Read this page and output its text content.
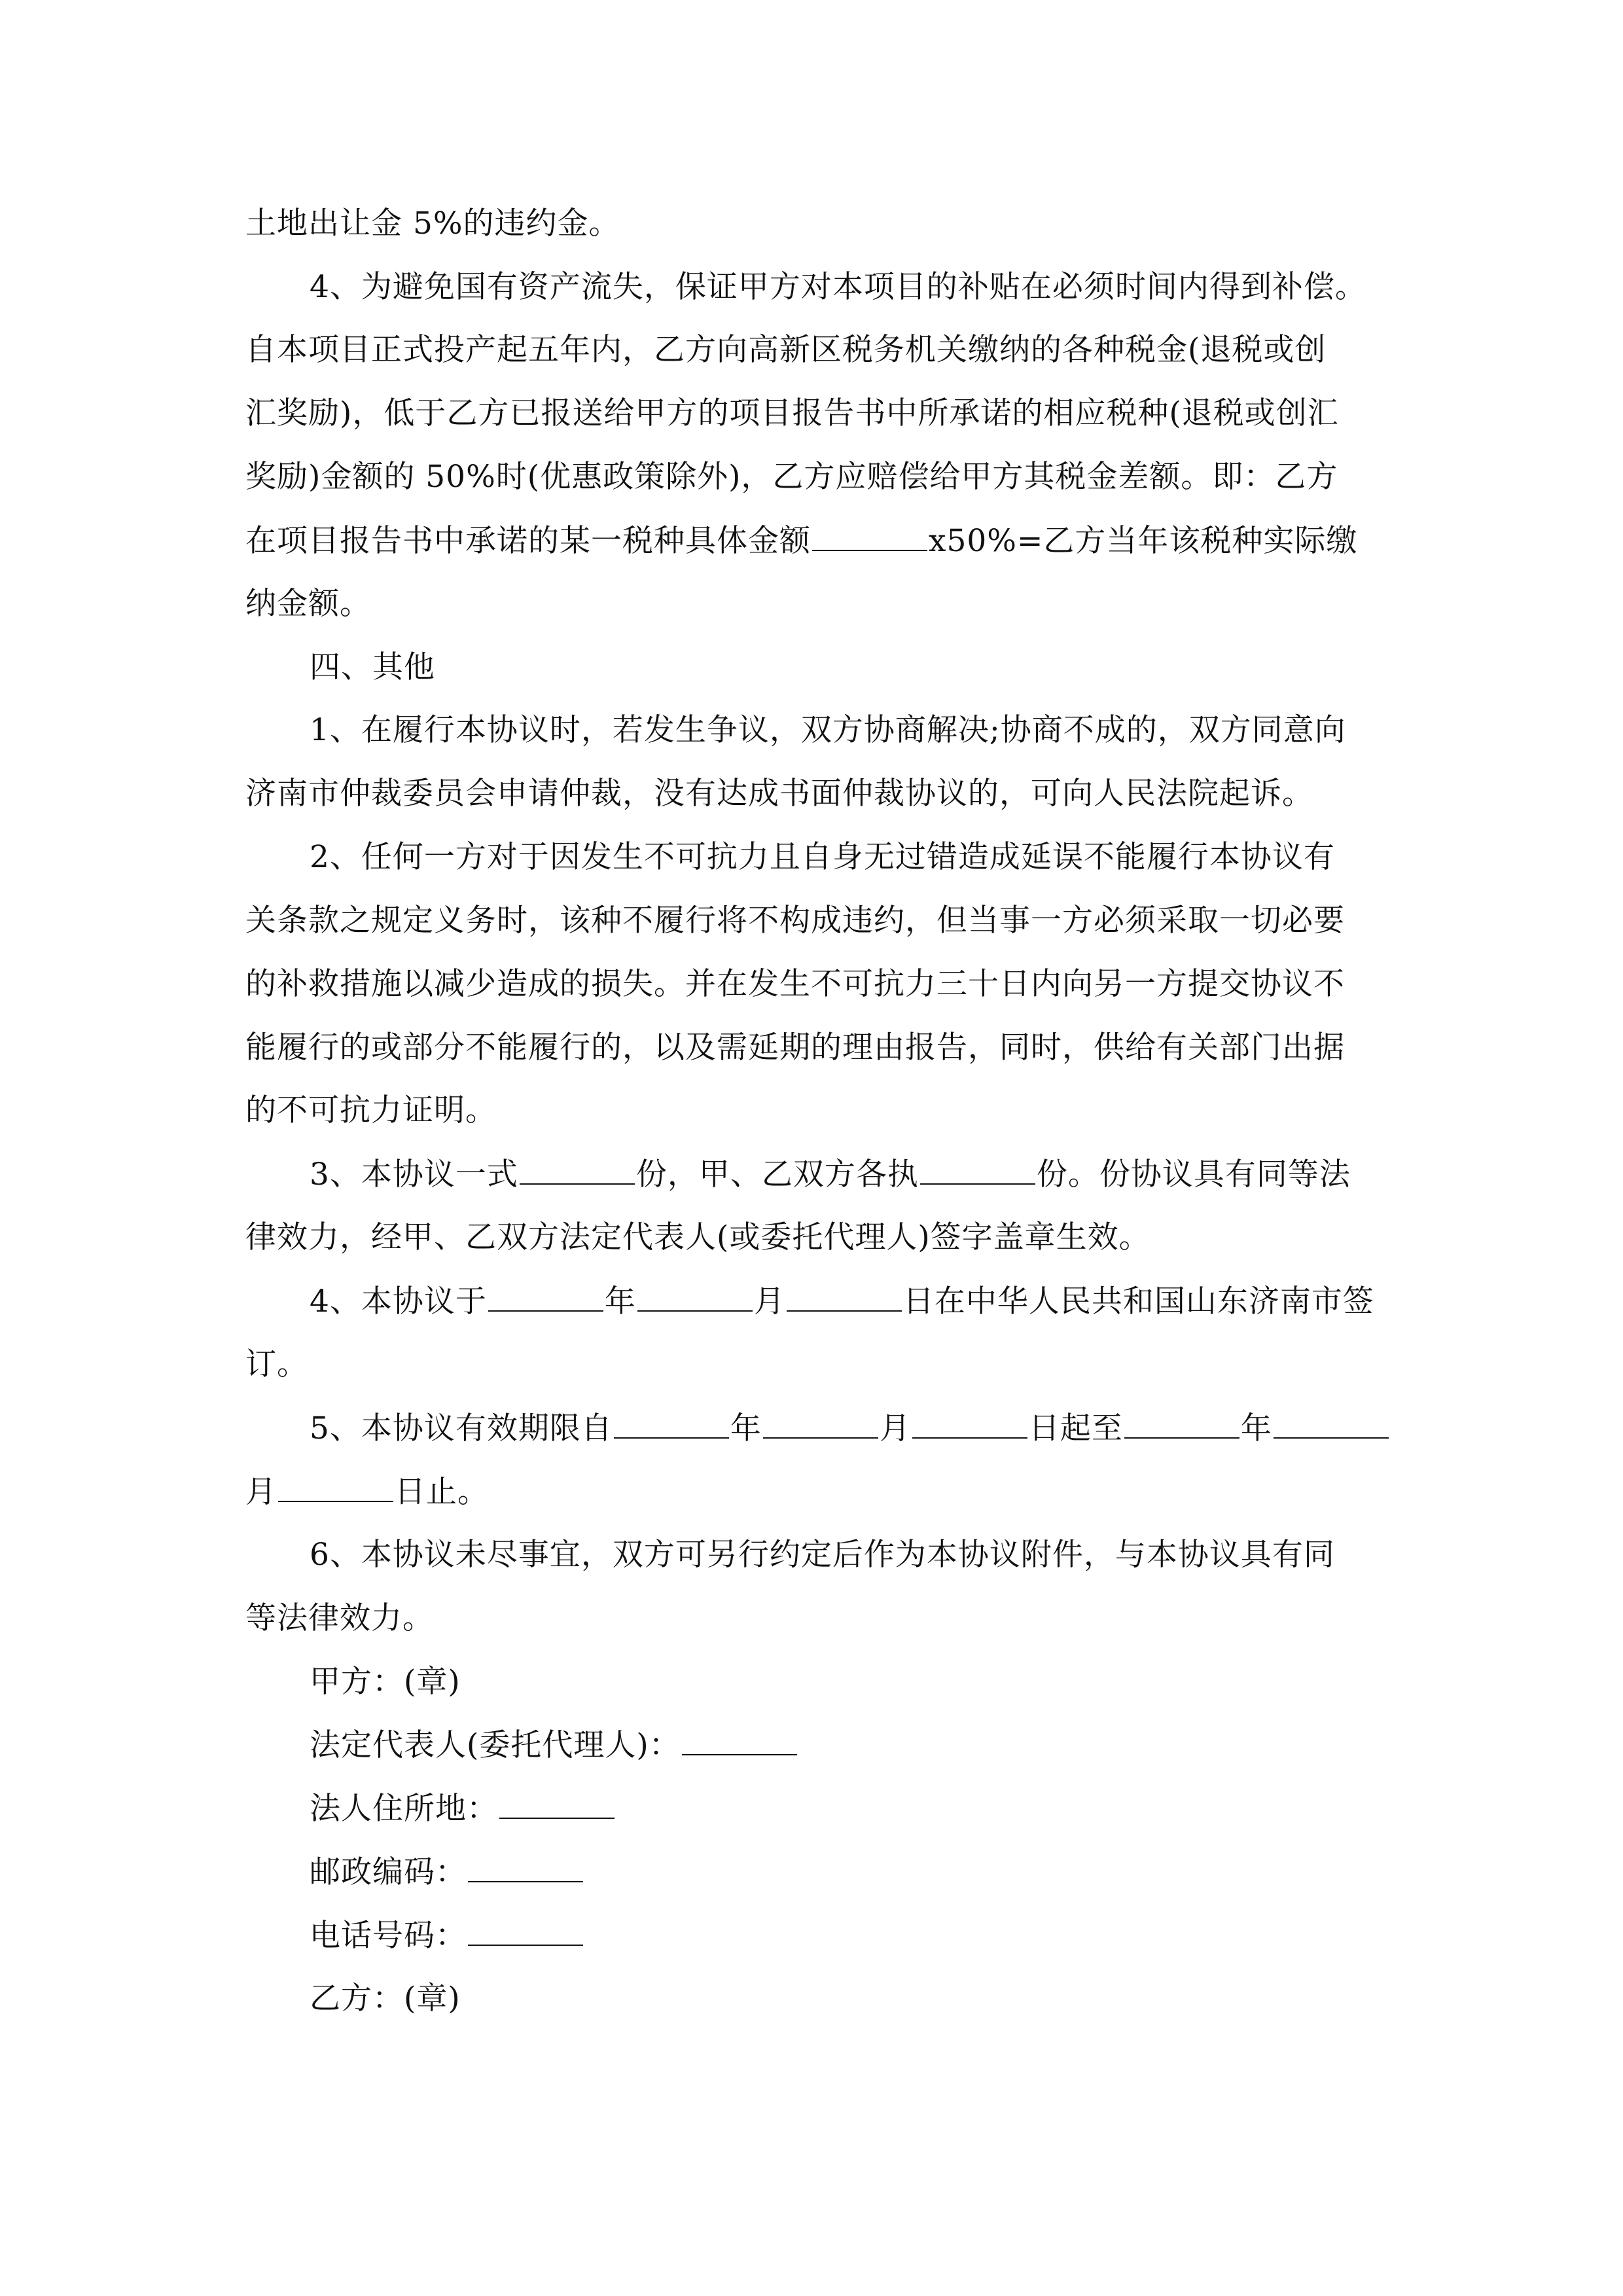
土地出让金 5%的违约金。
4、为避免国有资产流失，保证甲方对本项目的补贴在必须时间内得到补偿。
自本项目正式投产起五年内，乙方向高新区税务机关缴纳的各种税金(退税或创
汇奖励)，低于乙方已报送给甲方的项目报告书中所承诺的相应税种(退税或创汇
奖励)金额的 50%时(优惠政策除外)，乙方应赔偿给甲方其税金差额。即：乙方
在项目报告书中承诺的某一税种具体金额	x50%=乙方当年该税种实际缴
纳金额。
四、其他
1、在履行本协议时，若发生争议，双方协商解决;协商不成的，双方同意向
济南市仲裁委员会申请仲裁，没有达成书面仲裁协议的，可向人民法院起诉。
2、任何一方对于因发生不可抗力且自身无过错造成延误不能履行本协议有
关条款之规定义务时，该种不履行将不构成违约，但当事一方必须采取一切必要
的补救措施以减少造成的损失。并在发生不可抗力三十日内向另一方提交协议不
能履行的或部分不能履行的，以及需延期的理由报告，同时，供给有关部门出据
的不可抗力证明。
3、本协议一式	份，甲、乙双方各执	份。份协议具有同等法
律效力，经甲、乙双方法定代表人(或委托代理人)签字盖章生效。
4、本协议于	年	月	日在中华人民共和国山东济南市签
订。
5、本协议有效期限自	年	月	日起至	年
月	日止。
6、本协议未尽事宜，双方可另行约定后作为本协议附件，与本协议具有同
等法律效力。
甲方：(章)
法定代表人(委托代理人)：
法人住所地：
邮政编码：
电话号码：
乙方：(章)
